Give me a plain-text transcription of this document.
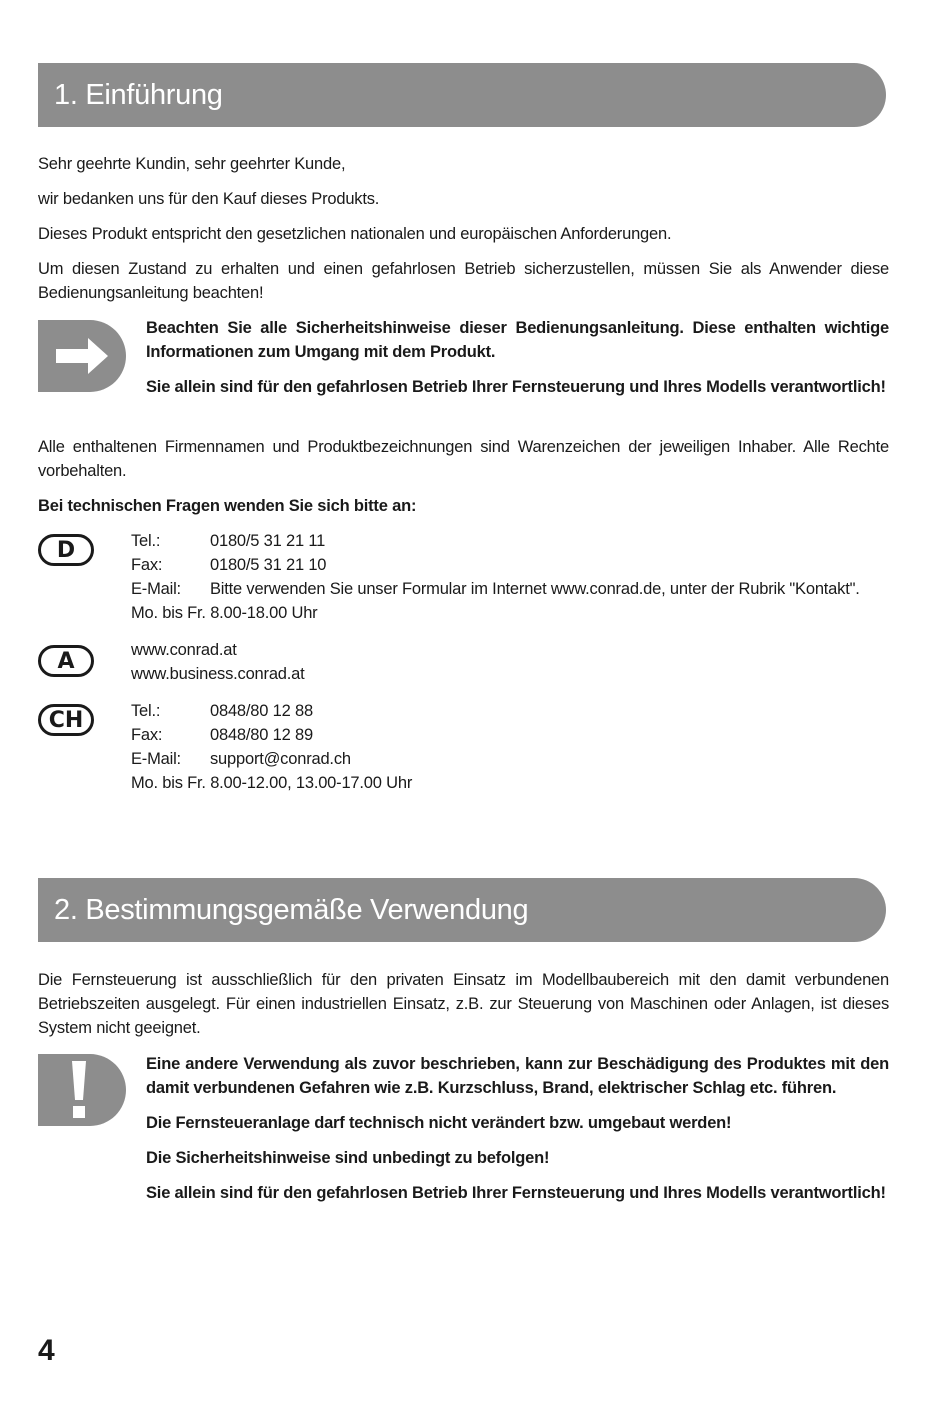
1. Einführung

Sehr geehrte Kundin, sehr geehrter Kunde,

wir bedanken uns für den Kauf dieses Produkts.

Dieses Produkt entspricht den gesetzlichen nationalen und europäischen Anforderungen.

Um diesen Zustand zu erhalten und einen gefahrlosen Betrieb sicherzustellen, müssen Sie als Anwender diese Bedienungsanleitung beachten!

Beachten Sie alle Sicherheitshinweise dieser Bedienungsanleitung. Diese enthalten wichtige Informationen zum Umgang mit dem Produkt.

Sie allein sind für den gefahrlosen Betrieb Ihrer Fernsteuerung und Ihres Modells verantwortlich!

Alle enthaltenen Firmennamen und Produktbezeichnungen sind Warenzeichen der jeweiligen Inhaber. Alle Rechte vorbehalten.

Bei technischen Fragen wenden Sie sich bitte an:

D	Tel.:	0180/5 31 21 11
Fax:	0180/5 31 21 10
E-Mail:	Bitte verwenden Sie unser Formular im Internet www.conrad.de, unter der Rubrik "Kontakt".
Mo. bis Fr. 8.00-18.00 Uhr
A	www.conrad.at
www.business.conrad.at
CH	Tel.:	0848/80 12 88
Fax:	0848/80 12 89
E-Mail:	support@conrad.ch
Mo. bis Fr. 8.00-12.00, 13.00-17.00 Uhr
2. Bestimmungsgemäße Verwendung

Die Fernsteuerung ist ausschließlich für den privaten Einsatz im Modellbaubereich mit den damit verbundenen Betriebszeiten ausgelegt. Für einen industriellen Einsatz, z.B. zur Steuerung von Maschinen oder Anlagen, ist dieses System nicht geeignet.

Eine andere Verwendung als zuvor beschrieben, kann zur Beschädigung des Produktes mit den damit verbundenen Gefahren wie z.B. Kurzschluss, Brand, elektrischer Schlag etc. führen.

Die Fernsteueranlage darf technisch nicht verändert bzw. umgebaut werden!

Die Sicherheitshinweise sind unbedingt zu befolgen!

Sie allein sind für den gefahrlosen Betrieb Ihrer Fernsteuerung und Ihres Modells verantwortlich!

4
